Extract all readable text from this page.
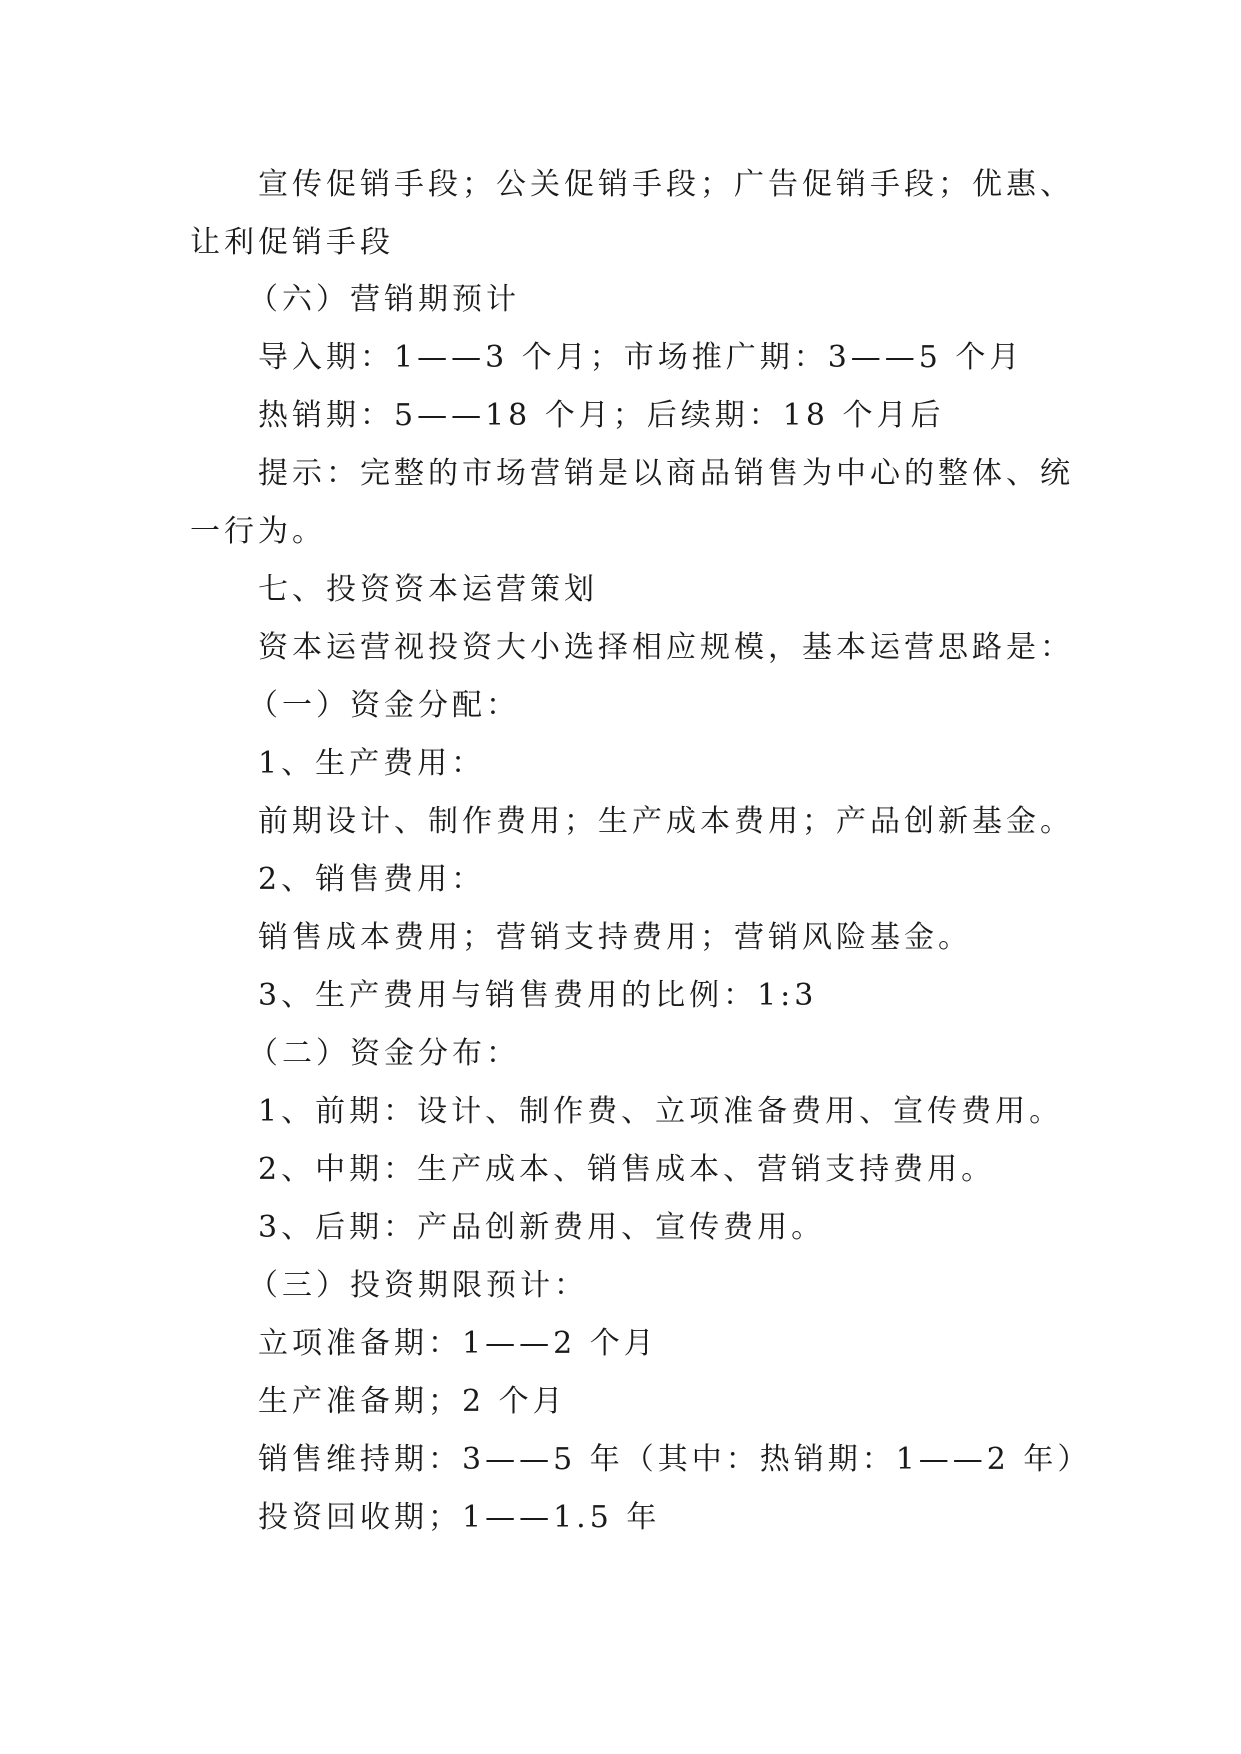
宣传促销手段；公关促销手段；广告促销手段；优惠、
让利促销手段
（六）营销期预计
导入期：1——3 个月；市场推广期：3——5 个月
热销期：5——18 个月；后续期：18 个月后
提示：完整的市场营销是以商品销售为中心的整体、统
一行为。
七、投资资本运营策划
资本运营视投资大小选择相应规模，基本运营思路是：
（一）资金分配：
1、生产费用：
前期设计、制作费用；生产成本费用；产品创新基金。
2、销售费用：
销售成本费用；营销支持费用；营销风险基金。
3、生产费用与销售费用的比例：1:3
（二）资金分布：
1、前期：设计、制作费、立项准备费用、宣传费用。
2、中期：生产成本、销售成本、营销支持费用。
3、后期：产品创新费用、宣传费用。
（三）投资期限预计：
立项准备期：1——2 个月
生产准备期；2 个月
销售维持期：3——5 年（其中：热销期：1——2 年）
投资回收期；1——1.5 年
